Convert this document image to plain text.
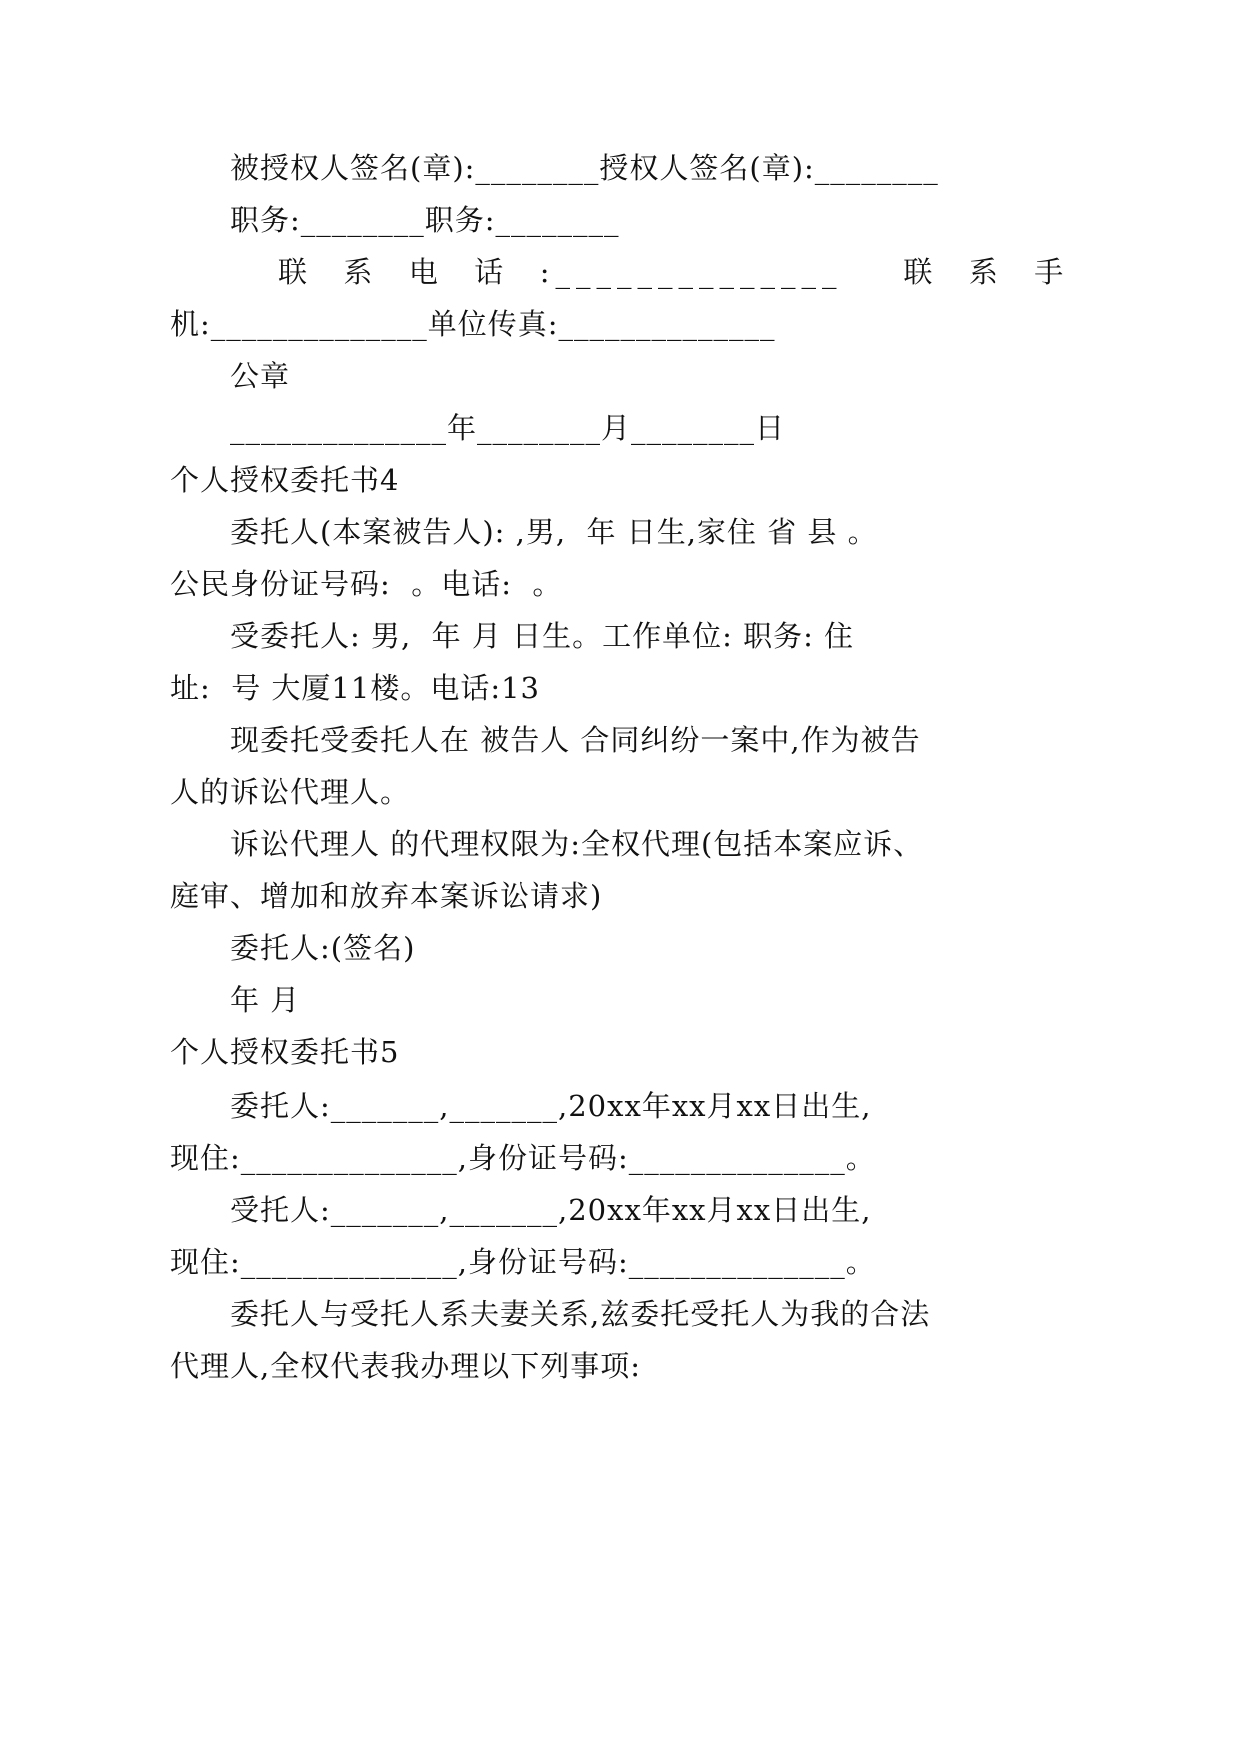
被授权人签名(章):________授权人签名(章):________
职务:________职务:________
联  系  电  话  :______________    联  系  手
机:______________单位传真:______________
公章
______________年________月________日
个人授权委托书4
委托人(本案被告人): ,男,  年 日生,家住 省 县 。
公民身份证号码:  。电话:  。
受委托人: 男,  年 月 日生。工作单位: 职务: 住
址:  号 大厦11楼。电话:13
现委托受委托人在 被告人 合同纠纷一案中,作为被告
人的诉讼代理人。
诉讼代理人 的代理权限为:全权代理(包括本案应诉、
庭审、增加和放弃本案诉讼请求)
委托人:(签名)
年 月
个人授权委托书5
委托人:_______,_______,20xx年xx月xx日出生,
现住:______________,身份证号码:______________。
受托人:_______,_______,20xx年xx月xx日出生,
现住:______________,身份证号码:______________。
委托人与受托人系夫妻关系,兹委托受托人为我的合法
代理人,全权代表我办理以下列事项:
